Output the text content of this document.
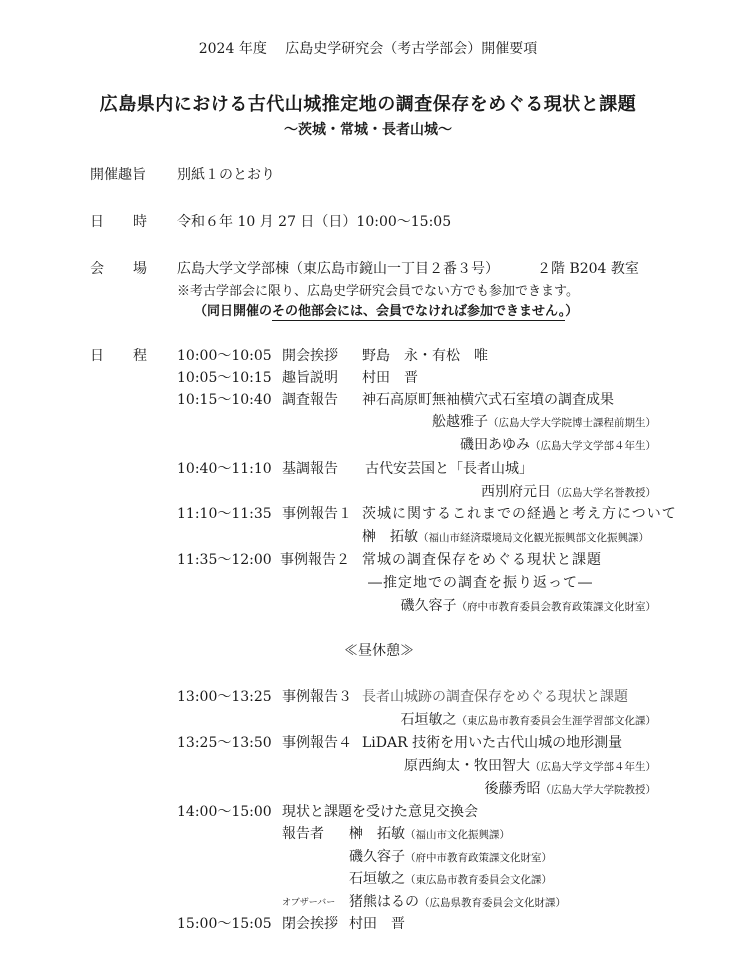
2024 年度　 広島史学研究会（考古学部会）開催要項
広島県内における古代山城推定地の調査保存をめぐる現状と課題
～茨城・常城・長者山城～
開催趣旨 別紙１のとおり
日 時 令和６年 10 月 27 日（日）10:00～15:05
会 場 広島大学文学部棟（東広島市鏡山一丁目２番３号）	２階 B204 教室
※考古学部会に限り、広島史学研究会員でない方でも参加できます。
（同日開催のその他部会には、会員でなければ参加できません。）
日 程 10:00～10:05 開会挨拶 野島　永・有松　唯
10:05～10:15 趣旨説明 村田　晋
10:15～10:40 調査報告 神石高原町無袖横穴式石室墳の調査成果
舩越雅子（広島大学大学院博士課程前期生）
磯田あゆみ（広島大学文学部４年生）
10:40～11:10 基調報告 古代安芸国と「長者山城」
西別府元日（広島大学名誉教授）
11:10～11:35 事例報告１ 茨城に関するこれまでの経過と考え方について
榊　拓敏（福山市経済環境局文化観光振興部文化振興課）
11:35～12:00 事例報告２ 常城の調査保存をめぐる現状と課題
―推定地での調査を振り返って―
磯久容子（府中市教育委員会教育政策課文化財室）
≪昼休憩≫
13:00～13:25 事例報告３ 長者山城跡の調査保存をめぐる現状と課題
石垣敏之（東広島市教育委員会生涯学習部文化課）
13:25～13:50 事例報告４ LiDAR 技術を用いた古代山城の地形測量
原西絢太・牧田智大（広島大学文学部４年生）
後藤秀昭（広島大学大学院教授）
14:00～15:00 現状と課題を受けた意見交換会
報告者 榊　拓敏（福山市文化振興課）
磯久容子（府中市教育政策課文化財室）
石垣敏之（東広島市教育委員会文化課）
オブザーバー 猪熊はるの（広島県教育委員会文化財課）
15:00～15:05 閉会挨拶 村田　晋
